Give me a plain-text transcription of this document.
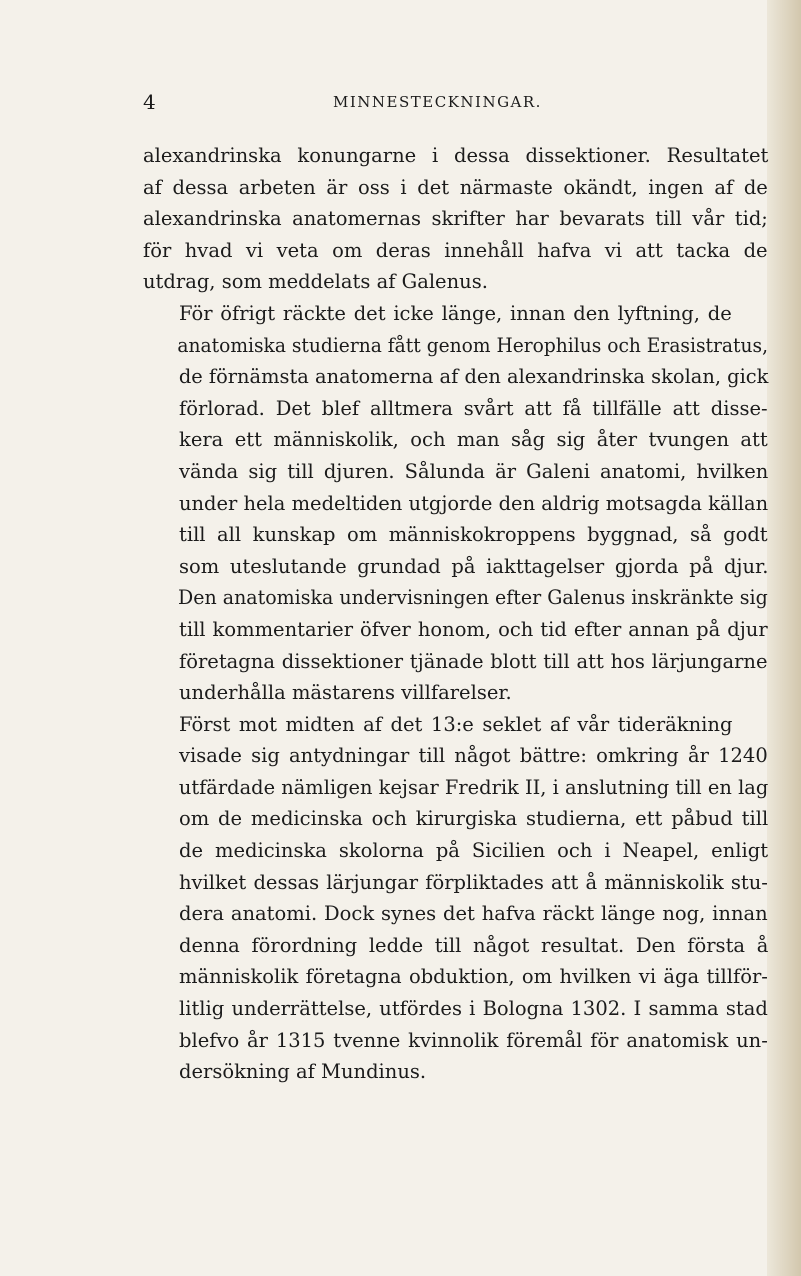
4	MINNESTECKNINGAR.

alexandrinska konungarne i dessa dissektioner. Resultatet
af dessa arbeten är oss i det närmaste okändt, ingen af de
alexandrinska anatomernas skrifter har bevarats till vår tid;
för hvad vi veta om deras innehåll hafva vi att tacka de
utdrag, som meddelats af Galenus.

För öfrigt räckte det icke länge, innan den lyftning, de
anatomiska studierna fått genom Herophilus och Erasistratus,
de förnämsta anatomerna af den alexandrinska skolan, gick
förlorad. Det blef alltmera svårt att få tillfälle att disse-
kera ett människolik, och man såg sig åter tvungen att
vända sig till djuren. Sålunda är Galeni anatomi, hvilken
under hela medeltiden utgjorde den aldrig motsagda källan
till all kunskap om människokroppens byggnad, så godt
som uteslutande grundad på iakttagelser gjorda på djur.
Den anatomiska undervisningen efter Galenus inskränkte sig
till kommentarier öfver honom, och tid efter annan på djur
företagna dissektioner tjänade blott till att hos lärjungarne
underhålla mästarens villfarelser.

Först mot midten af det 13:e seklet af vår tideräkning
visade sig antydningar till något bättre: omkring år 1240
utfärdade nämligen kejsar Fredrik II, i anslutning till en lag
om de medicinska och kirurgiska studierna, ett påbud till
de medicinska skolorna på Sicilien och i Neapel, enligt
hvilket dessas lärjungar förpliktades att å människolik stu-
dera anatomi. Dock synes det hafva räckt länge nog, innan
denna förordning ledde till något resultat. Den första å
människolik företagna obduktion, om hvilken vi äga tillför-
litlig underrättelse, utfördes i Bologna 1302. I samma stad
blefvo år 1315 tvenne kvinnolik föremål för anatomisk un-
dersökning af Mundinus.
